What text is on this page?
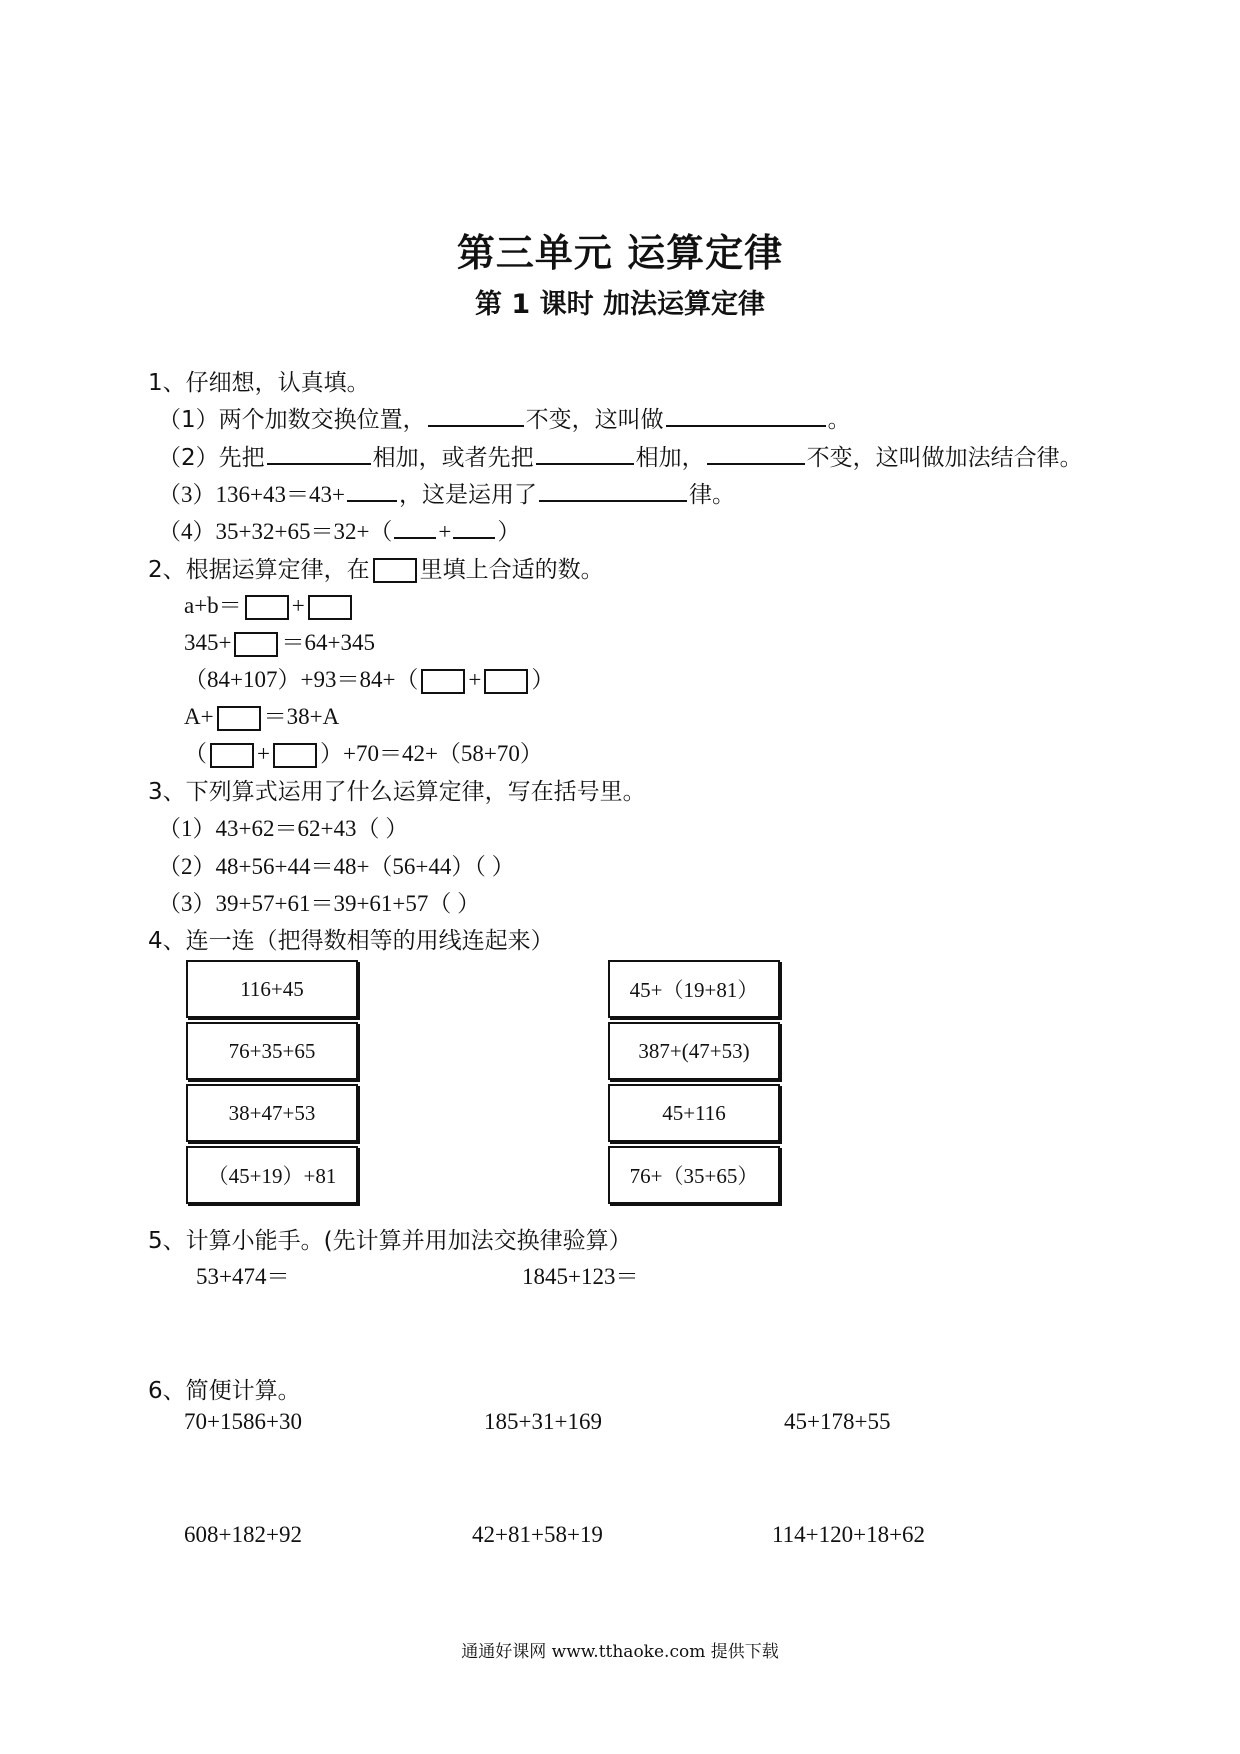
第三单元 运算定律
第 1 课时 加法运算定律
1、仔细想，认真填。
（1）两个加数交换位置，	不变，这叫做	。
（2）先把	相加，或者先把	相加，	不变，这叫做加法结合律。
（3）136+43＝43+ ，这是运用了	律。
（4）35+32+65＝32+（ + ）
2、根据运算定律，在 里填上合适的数。
a+b＝ +
345+ ＝64+345
（84+107）+93＝84+（ + ）
A+ ＝38+A
（ + ）+70＝42+（58+70）
3、下列算式运用了什么运算定律，写在括号里。
（1）43+62＝62+43（ ）
（2）48+56+44＝48+（56+44）（ ）
（3）39+57+61＝39+61+57（ ）
4、连一连（把得数相等的用线连起来）
116+45
76+35+65
38+47+53
（45+19）+81
45+（19+81）
387+(47+53)
45+116
76+（35+65）
5、计算小能手。(先计算并用加法交换律验算）
53+474＝	1845+123＝
6、简便计算。
70+1586+30	185+31+169	45+178+55
608+182+92	42+81+58+19	114+120+18+62
通通好课网 www.tthaoke.com 提供下载
